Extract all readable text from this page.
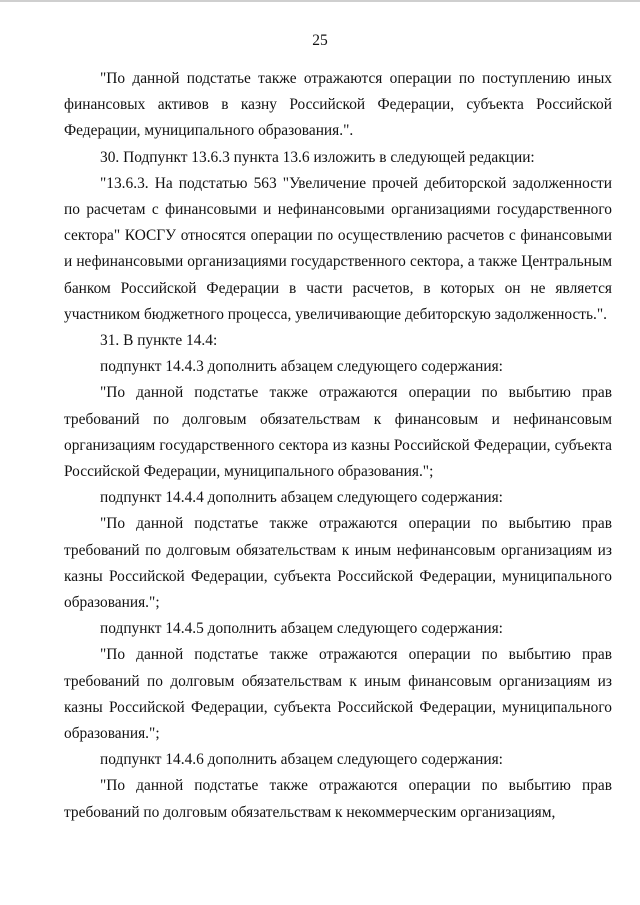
25

"По данной подстатье также отражаются операции по поступлению иных финансовых активов в казну Российской Федерации, субъекта Российской Федерации, муниципального образования.".

30. Подпункт 13.6.3 пункта 13.6 изложить в следующей редакции:

"13.6.3. На подстатью 563 "Увеличение прочей дебиторской задолженности по расчетам с финансовыми и нефинансовыми организациями государственного сектора" КОСГУ относятся операции по осуществлению расчетов с финансовыми и нефинансовыми организациями государственного сектора, а также Центральным банком Российской Федерации в части расчетов, в которых он не является участником бюджетного процесса, увеличивающие дебиторскую задолженность.".

31. В пункте 14.4:

подпункт 14.4.3 дополнить абзацем следующего содержания:

"По данной подстатье также отражаются операции по выбытию прав требований по долговым обязательствам к финансовым и нефинансовым организациям государственного сектора из казны Российской Федерации, субъекта Российской Федерации, муниципального образования.";

подпункт 14.4.4 дополнить абзацем следующего содержания:

"По данной подстатье также отражаются операции по выбытию прав требований по долговым обязательствам к иным нефинансовым организациям из казны Российской Федерации, субъекта Российской Федерации, муниципального образования.";

подпункт 14.4.5 дополнить абзацем следующего содержания:

"По данной подстатье также отражаются операции по выбытию прав требований по долговым обязательствам к иным финансовым организациям из казны Российской Федерации, субъекта Российской Федерации, муниципального образования.";

подпункт 14.4.6 дополнить абзацем следующего содержания:

"По данной подстатье также отражаются операции по выбытию прав требований по долговым обязательствам к некоммерческим организациям,
